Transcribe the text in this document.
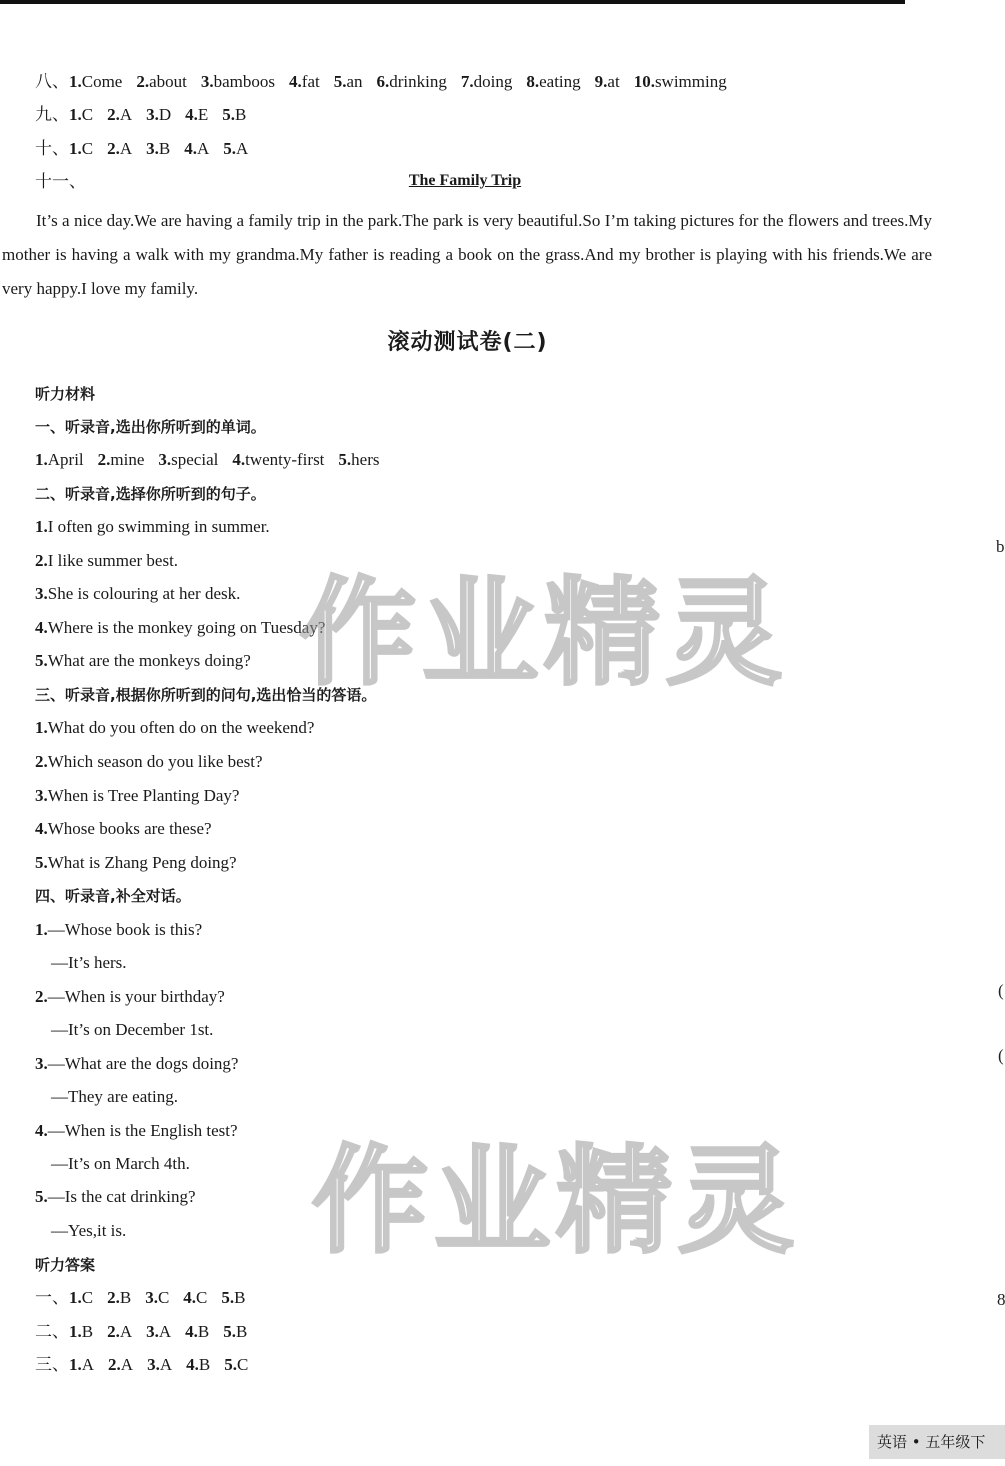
八、1.Come 2.about 3.bamboos 4.fat 5.an 6.drinking 7.doing 8.eating 9.at 10.swimming
九、1.C 2.A 3.D 4.E 5.B
十、1.C 2.A 3.B 4.A 5.A
十一、	The Family Trip
It’s a nice day.We are having a family trip in the park.The park is very beautiful.So I’m taking pictures for the flowers and trees.My mother is having a walk with my grandma.My father is reading a book on the grass.And my brother is playing with his friends.We are very happy.I love my family.
滚动测试卷(二)
听力材料
一、听录音,选出你所听到的单词。
1.April 2.mine 3.special 4.twenty-first 5.hers
二、听录音,选择你所听到的句子。
1.I often go swimming in summer.
2.I like summer best.
3.She is colouring at her desk.
4.Where is the monkey going on Tuesday?
5.What are the monkeys doing?
三、听录音,根据你所听到的问句,选出恰当的答语。
1.What do you often do on the weekend?
2.Which season do you like best?
3.When is Tree Planting Day?
4.Whose books are these?
5.What is Zhang Peng doing?
四、听录音,补全对话。
1.—Whose book is this?
—It’s hers.
2.—When is your birthday?
—It’s on December 1st.
3.—What are the dogs doing?
—They are eating.
4.—When is the English test?
—It’s on March 4th.
5.—Is the cat drinking?
—Yes,it is.
听力答案
一、1.C 2.B 3.C 4.C 5.B
二、1.B 2.A 3.A 4.B 5.B
三、1.A 2.A 3.A 4.B 5.C
作业精灵
作业精灵
b
(
(
8
英语 • 五年级下
